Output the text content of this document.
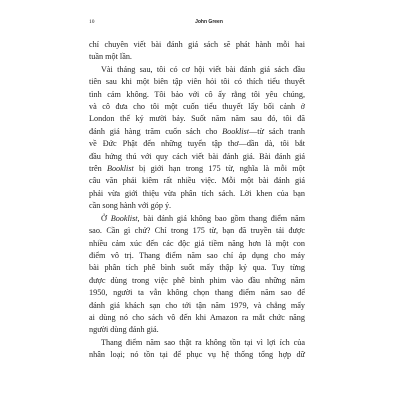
10	John Green
chỉ chuyên viết bài đánh giá sách sẽ phát hành mỗi hai
tuần một lần.
Vài tháng sau, tôi có cơ hội viết bài đánh giá sách đầu
tiên sau khi một biên tập viên hỏi tôi có thích tiểu thuyết
tình cảm không. Tôi bảo với cô ấy rằng tôi yêu chúng,
và cô đưa cho tôi một cuốn tiểu thuyết lấy bối cảnh ở
London thế kỷ mười bảy. Suốt năm năm sau đó, tôi đã
đánh giá hàng trăm cuốn sách cho Booklist—từ sách tranh
về Đức Phật đến những tuyển tập thơ—dần dà, tôi bắt
đầu hứng thú với quy cách viết bài đánh giá. Bài đánh giá
trên Booklist bị giới hạn trong 175 từ, nghĩa là mỗi một
câu văn phải kiêm rất nhiều việc. Mỗi một bài đánh giá
phải vừa giới thiệu vừa phân tích sách. Lời khen của bạn
cần song hành với góp ý.
Ở Booklist, bài đánh giá không bao gồm thang điểm năm
sao. Cần gì chứ? Chỉ trong 175 từ, bạn đã truyền tải được
nhiều cảm xúc đến các độc giả tiềm năng hơn là một con
điểm vô trị. Thang điểm năm sao chỉ áp dụng cho máy
bài phân tích phê bình suốt mấy thập kỷ qua. Tuy từng
được dùng trong việc phê bình phim vào đầu những năm
1950, người ta vẫn không chọn thang điểm năm sao để
đánh giá khách sạn cho tới tận năm 1979, và chẳng mấy
ai dùng nó cho sách vô đến khi Amazon ra mắt chức năng
người dùng đánh giá.
Thang điểm năm sao thật ra không tồn tại vì lợi ích của
nhân loại; nó tồn tại để phục vụ hệ thống tổng hợp dữ
